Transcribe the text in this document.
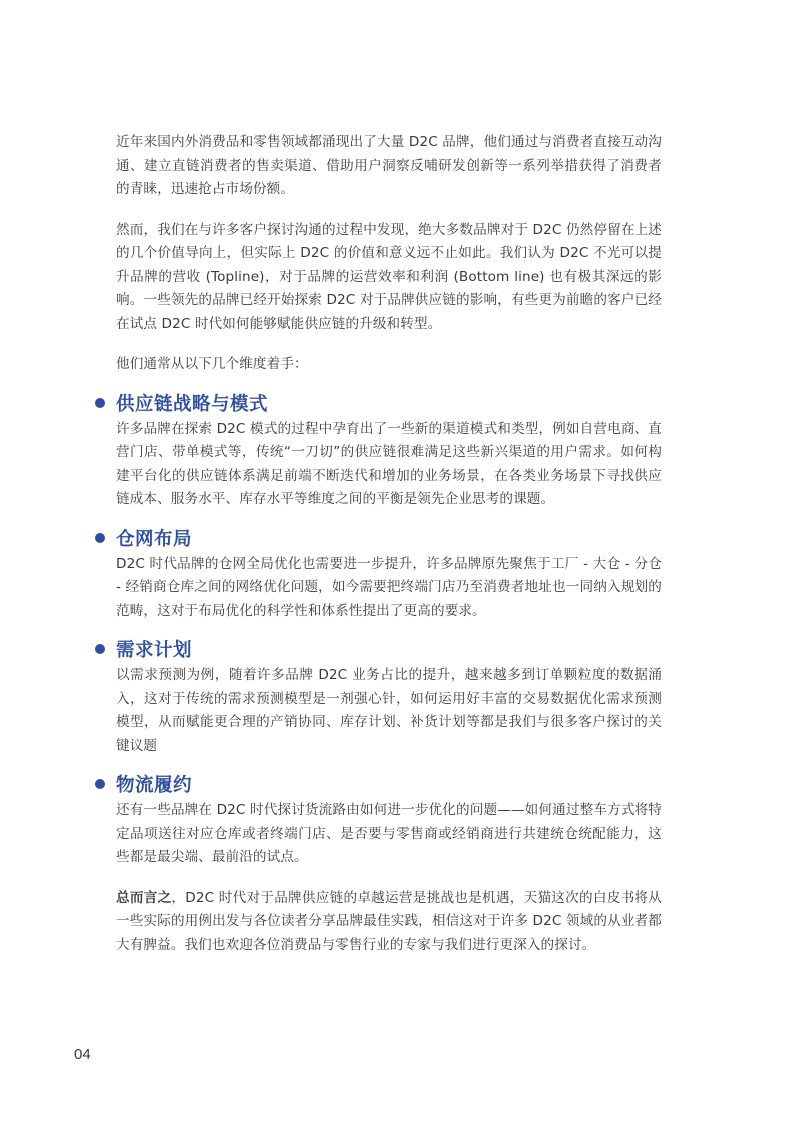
近年来国内外消费品和零售领域都涌现出了大量 D2C 品牌，他们通过与消费者直接互动沟通、建立直链消费者的售卖渠道、借助用户洞察反哺研发创新等一系列举措获得了消费者的青睐，迅速抢占市场份额。

然而，我们在与许多客户探讨沟通的过程中发现，绝大多数品牌对于 D2C 仍然停留在上述的几个价值导向上，但实际上 D2C 的价值和意义远不止如此。我们认为 D2C 不光可以提升品牌的营收 (Topline)，对于品牌的运营效率和利润 (Bottom line) 也有极其深远的影响。一些领先的品牌已经开始探索 D2C 对于品牌供应链的影响，有些更为前瞻的客户已经在试点 D2C 时代如何能够赋能供应链的升级和转型。

他们通常从以下几个维度着手：

供应链战略与模式

许多品牌在探索 D2C 模式的过程中孕育出了一些新的渠道模式和类型，例如自营电商、直营门店、带单模式等，传统“一刀切”的供应链很难满足这些新兴渠道的用户需求。如何构建平台化的供应链体系满足前端不断迭代和增加的业务场景，在各类业务场景下寻找供应链成本、服务水平、库存水平等维度之间的平衡是领先企业思考的课题。

仓网布局

D2C 时代品牌的仓网全局优化也需要进一步提升，许多品牌原先聚焦于工厂 - 大仓 - 分仓 - 经销商仓库之间的网络优化问题，如今需要把终端门店乃至消费者地址也一同纳入规划的范畴，这对于布局优化的科学性和体系性提出了更高的要求。

需求计划

以需求预测为例，随着许多品牌 D2C 业务占比的提升，越来越多到订单颗粒度的数据涌入，这对于传统的需求预测模型是一剂强心针，如何运用好丰富的交易数据优化需求预测模型，从而赋能更合理的产销协同、库存计划、补货计划等都是我们与很多客户探讨的关键议题

物流履约

还有一些品牌在 D2C 时代探讨货流路由如何进一步优化的问题——如何通过整车方式将特定品项送往对应仓库或者终端门店、是否要与零售商或经销商进行共建统仓统配能力，这些都是最尖端、最前沿的试点。

总而言之，D2C 时代对于品牌供应链的卓越运营是挑战也是机遇，天猫这次的白皮书将从一些实际的用例出发与各位读者分享品牌最佳实践，相信这对于许多 D2C 领域的从业者都大有脾益。我们也欢迎各位消费品与零售行业的专家与我们进行更深入的探讨。

04
